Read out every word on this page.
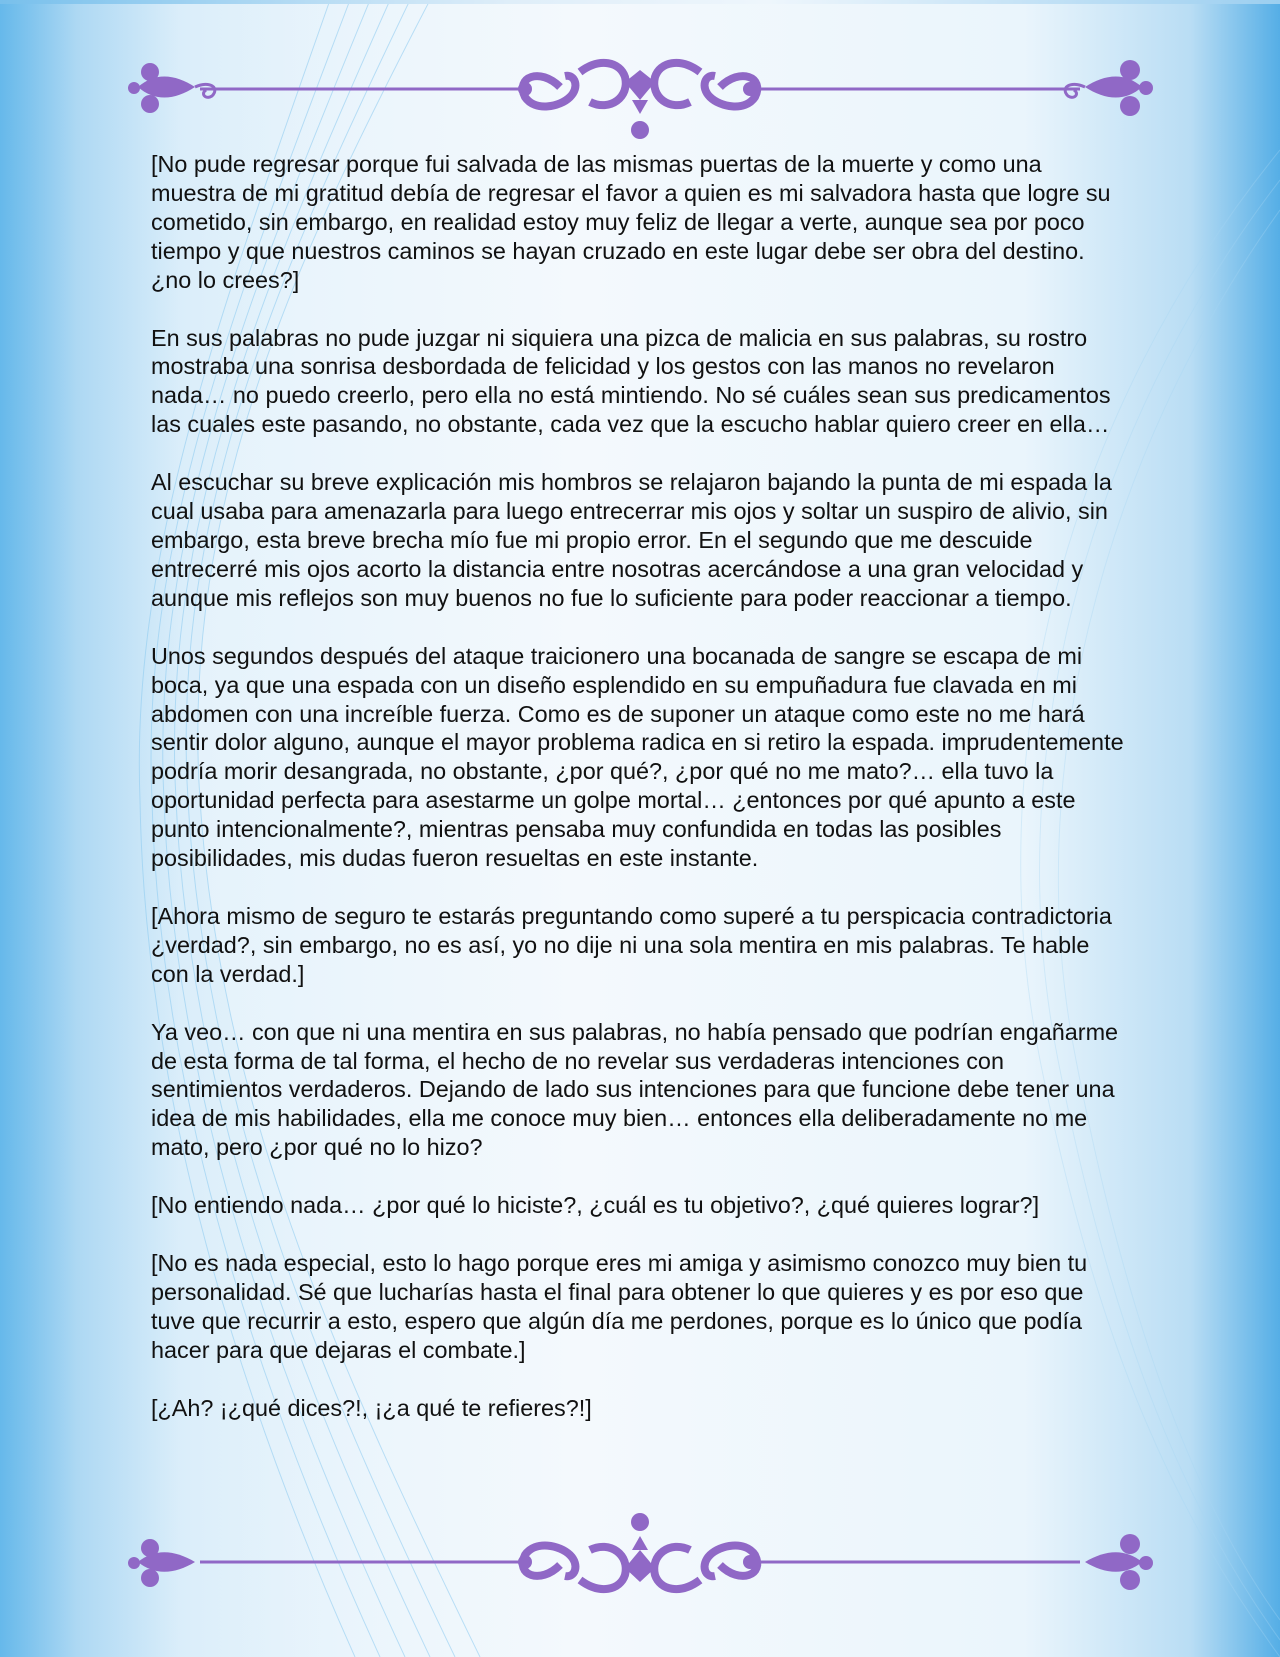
[No pude regresar porque fui salvada de las mismas puertas de la muerte y como una muestra de mi gratitud debía de regresar el favor a quien es mi salvadora hasta que logre su cometido, sin embargo, en realidad estoy muy feliz de llegar a verte, aunque sea por poco tiempo y que nuestros caminos se hayan cruzado en este lugar debe ser obra del destino. ¿no lo crees?]

En sus palabras no pude juzgar ni siquiera una pizca de malicia en sus palabras, su rostro mostraba una sonrisa desbordada de felicidad y los gestos con las manos no revelaron nada… no puedo creerlo, pero ella no está mintiendo. No sé cuáles sean sus predicamentos las cuales este pasando, no obstante, cada vez que la escucho hablar quiero creer en ella…

Al escuchar su breve explicación mis hombros se relajaron bajando la punta de mi espada la cual usaba para amenazarla para luego entrecerrar mis ojos y soltar un suspiro de alivio, sin embargo, esta breve brecha mío fue mi propio error. En el segundo que me descuide entrecerré mis ojos acorto la distancia entre nosotras acercándose a una gran velocidad y aunque mis reflejos son muy buenos no fue lo suficiente para poder reaccionar a tiempo.

Unos segundos después del ataque traicionero una bocanada de sangre se escapa de mi boca, ya que una espada con un diseño esplendido en su empuñadura fue clavada en mi abdomen con una increíble fuerza. Como es de suponer un ataque como este no me hará sentir dolor alguno, aunque el mayor problema radica en si retiro la espada. imprudentemente podría morir desangrada, no obstante, ¿por qué?, ¿por qué no me mato?… ella tuvo la oportunidad perfecta para asestarme un golpe mortal… ¿entonces por qué apunto a este punto intencionalmente?, mientras pensaba muy confundida en todas las posibles posibilidades, mis dudas fueron resueltas en este instante.

[Ahora mismo de seguro te estarás preguntando como superé a tu perspicacia contradictoria ¿verdad?, sin embargo, no es así, yo no dije ni una sola mentira en mis palabras. Te hable con la verdad.]

Ya veo… con que ni una mentira en sus palabras, no había pensado que podrían engañarme de esta forma de tal forma, el hecho de no revelar sus verdaderas intenciones con sentimientos verdaderos. Dejando de lado sus intenciones para que funcione debe tener una idea de mis habilidades, ella me conoce muy bien… entonces ella deliberadamente no me mato, pero ¿por qué no lo hizo?

[No entiendo nada… ¿por qué lo hiciste?, ¿cuál es tu objetivo?, ¿qué quieres lograr?]

[No es nada especial, esto lo hago porque eres mi amiga y asimismo conozco muy bien tu personalidad. Sé que lucharías hasta el final para obtener lo que quieres y es por eso que tuve que recurrir a esto, espero que algún día me perdones, porque es lo único que podía hacer para que dejaras el combate.]

[¿Ah? ¡¿qué dices?!, ¡¿a qué te refieres?!]
